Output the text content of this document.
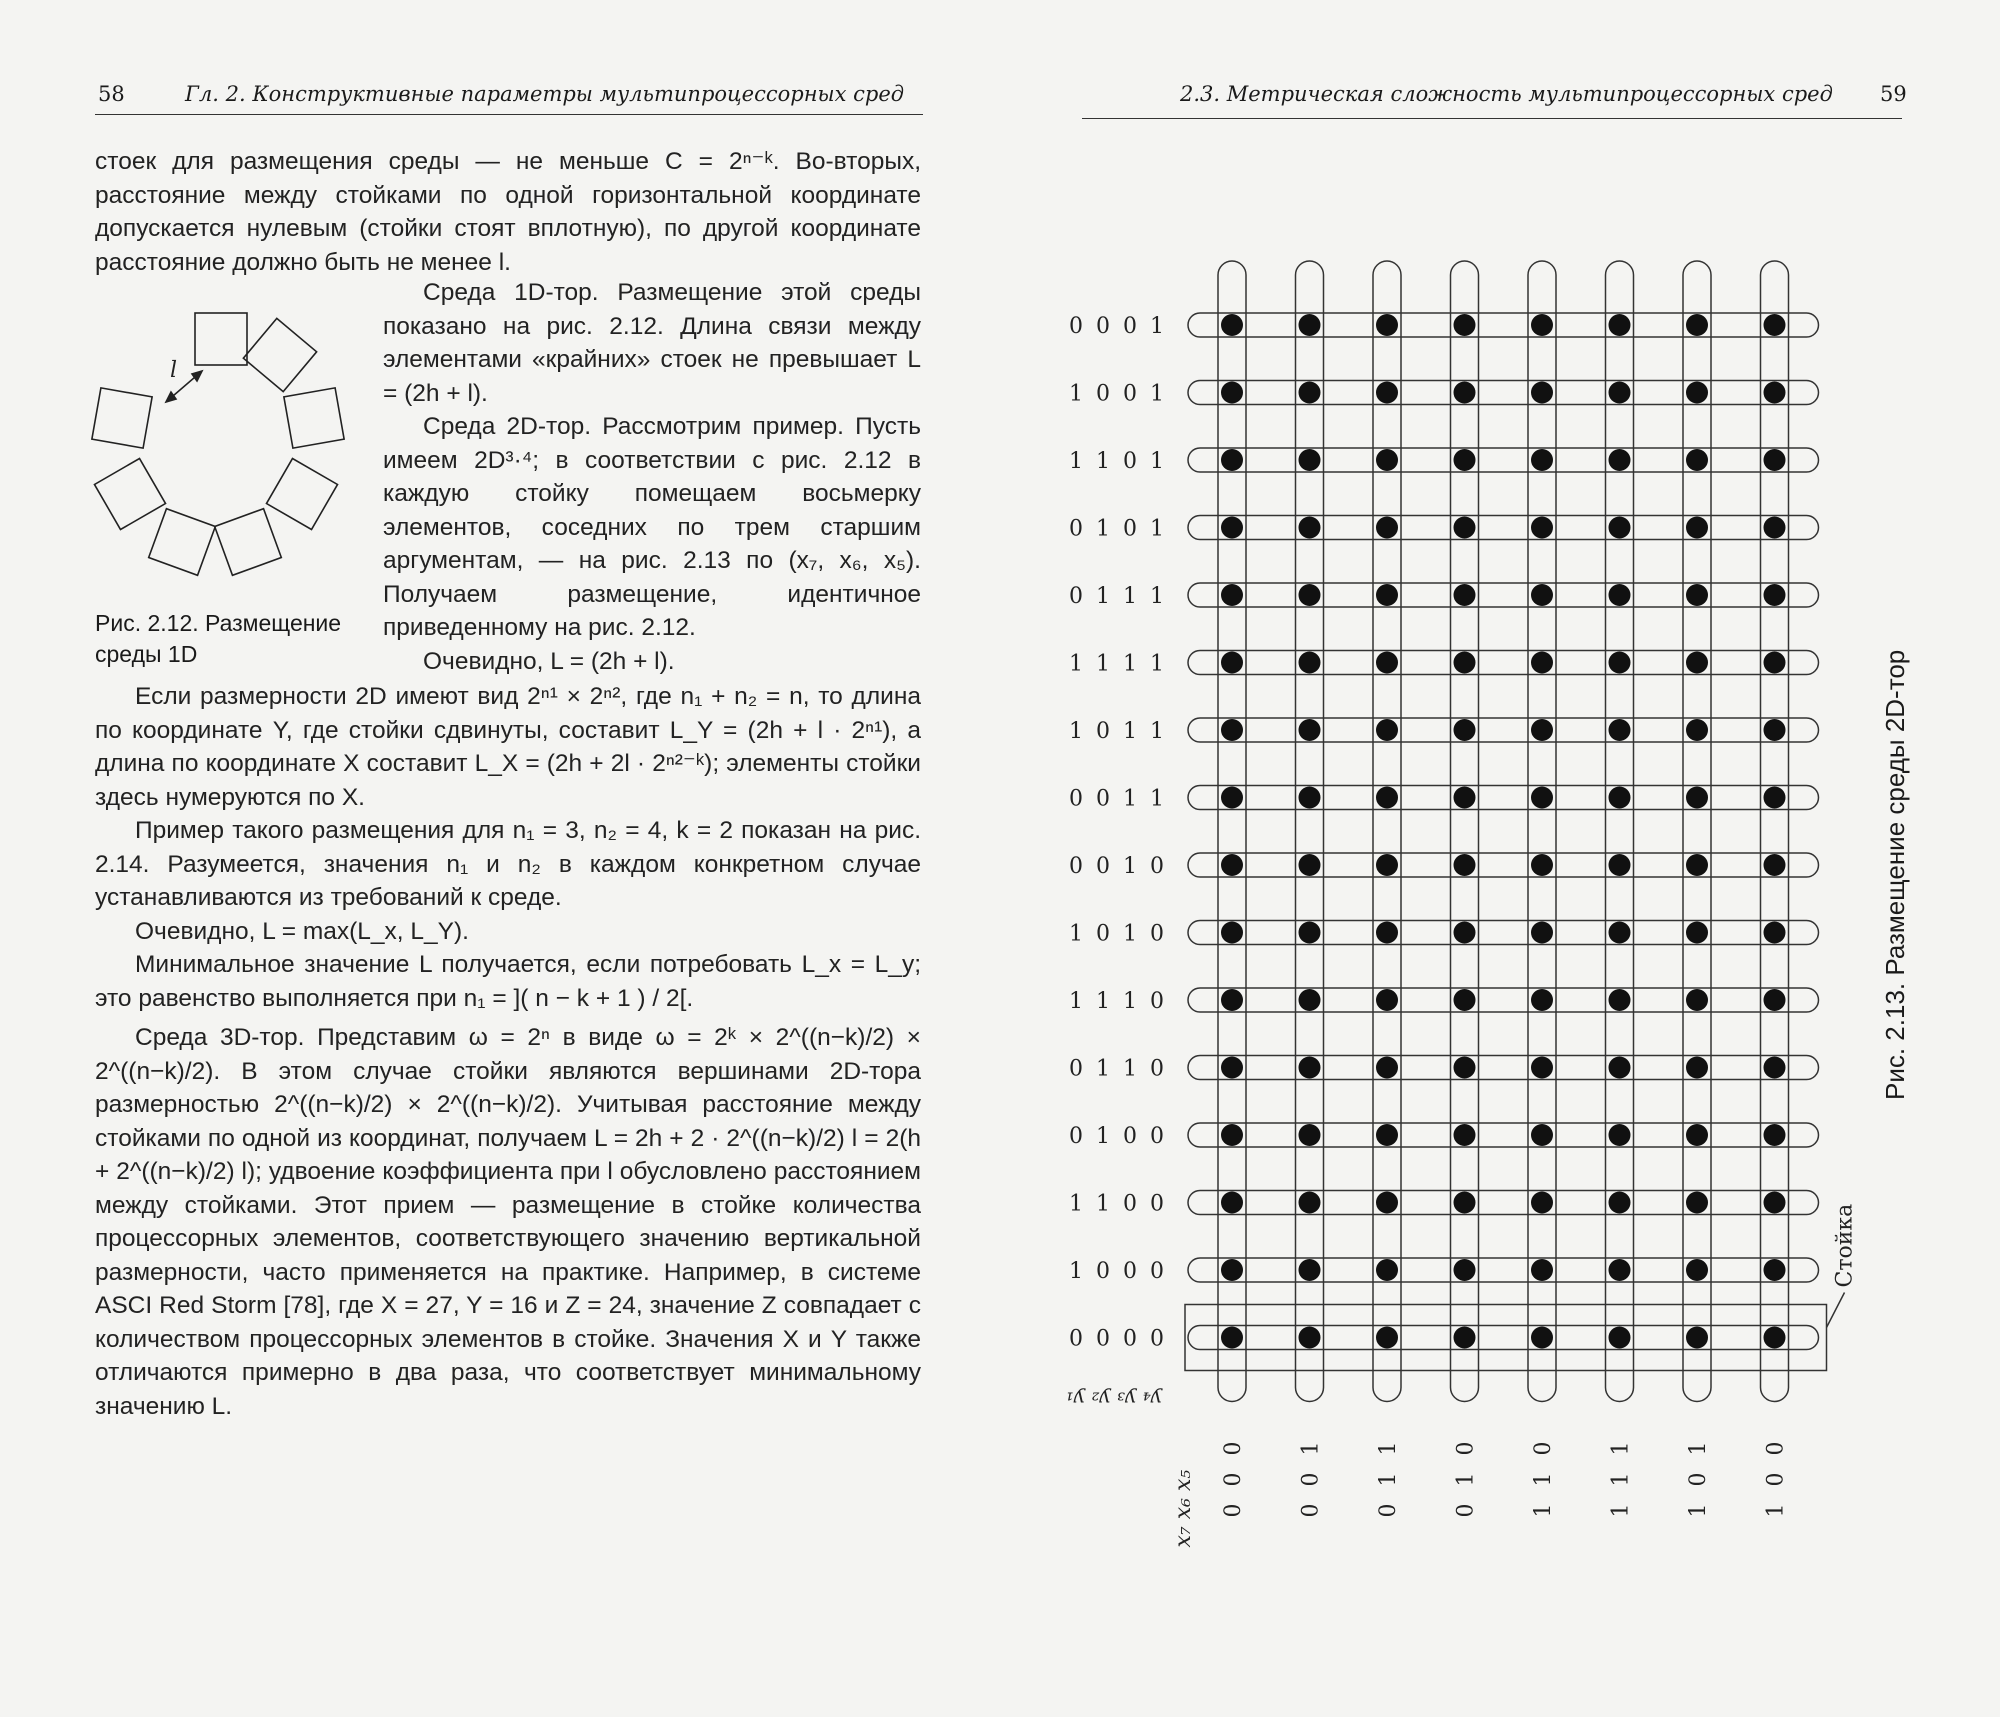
58	Гл. 2. Конструктивные параметры мультипроцессорных сред

стоек для размещения среды — не меньше C = 2ⁿ⁻ᵏ. Во-вторых, расстояние между стойками по одной горизонтальной координате допускается нулевым (стойки стоят вплотную), по другой координате расстояние должно быть не менее l.

l
Рис. 2.12. Размещение среды 1D

Среда 1D-тор. Размещение этой среды показано на рис. 2.12. Длина связи между элементами «крайних» стоек не превышает L = (2h + l).

Среда 2D-тор. Рассмотрим пример. Пусть имеем 2D³·⁴; в соответствии с рис. 2.12 в каждую стойку помещаем восьмерку элементов, соседних по трем старшим аргументам, — на рис. 2.13 по (x₇, x₆, x₅). Получаем размещение, идентичное приведенному на рис. 2.12.

Очевидно, L = (2h + l).

Если размерности 2D имеют вид 2ⁿ¹ × 2ⁿ², где n₁ + n₂ = n, то длина по координате Y, где стойки сдвинуты, составит L_Y = (2h + l · 2ⁿ¹), а длина по координате X составит L_X = (2h + 2l · 2ⁿ²⁻ᵏ); элементы стойки здесь нумеруются по X.

Пример такого размещения для n₁ = 3, n₂ = 4, k = 2 показан на рис. 2.14. Разумеется, значения n₁ и n₂ в каждом конкретном случае устанавливаются из требований к среде.

Очевидно, L = max(L_x, L_Y).

Минимальное значение L получается, если потребовать L_x = L_y; это равенство выполняется при n₁ = ]( n − k + 1 ) / 2[.

Среда 3D-тор. Представим ω = 2ⁿ в виде ω = 2ᵏ × 2^((n−k)/2) × 2^((n−k)/2). В этом случае стойки являются вершинами 2D-тора размерностью 2^((n−k)/2) × 2^((n−k)/2). Учитывая расстояние между стойками по одной из координат, получаем L = 2h + 2 · 2^((n−k)/2) l = 2(h + 2^((n−k)/2) l); удвоение коэффициента при l обусловлено расстоянием между стойками. Этот прием — размещение в стойке количества процессорных элементов, соответствующего значению вертикальной размерности, часто применяется на практике. Например, в системе ASCI Red Storm [78], где X = 27, Y = 16 и Z = 24, значение Z совпадает с количеством процессорных элементов в стойке. Значения X и Y также отличаются примерно в два раза, что соответствует минимальному значению L.

2.3. Метрическая сложность мультипроцессорных сред 59
0 0 0 1
1 0 0 1
1 1 0 1
0 1 0 1
0 1 1 1
1 1 1 1
1 0 1 1
0 0 1 1
0 0 1 0
1 0 1 0
1 1 1 0
0 1 1 0
0 1 0 0
1 1 0 0
1 0 0 0
0 0 0 0
Стойка
0 0 0 0 0 1 0 1 1 0 1 0 1 1 0 1 1 1 1 0 1 1 0 0
y₄ y₃ y₂ y₁
x₇ x₆ x₅
Рис. 2.13. Размещение среды 2D-тор
